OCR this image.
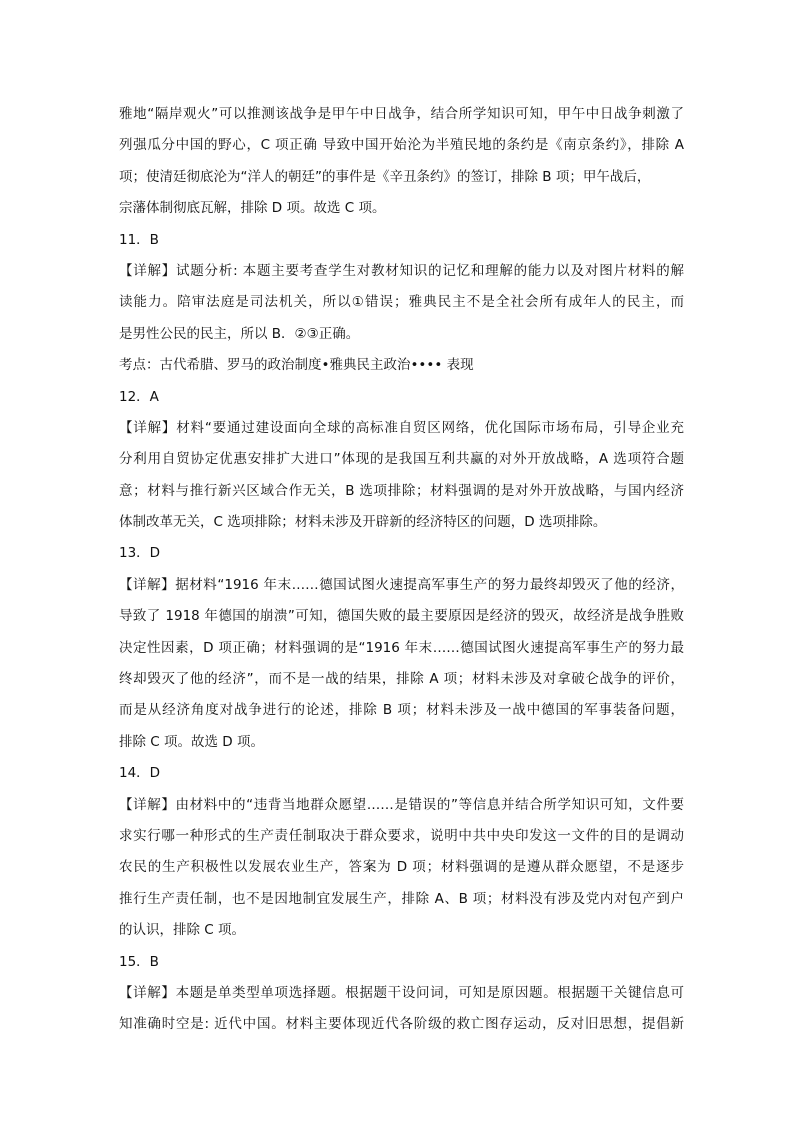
雅地“隔岸观火”可以推测该战争是甲午中日战争，结合所学知识可知，甲午中日战争刺激了
列强瓜分中国的野心，C 项正确 导致中国开始沦为半殖民地的条约是《南京条约》，排除 A
项；使清廷彻底沦为“洋人的朝廷”的事件是《辛丑条约》的签订，排除 B 项；甲午战后，
宗藩体制彻底瓦解，排除 D 项。故选 C 项。
11．B
【详解】试题分析: 本题主要考查学生对教材知识的记忆和理解的能力以及对图片材料的解
读能力。陪审法庭是司法机关，所以①错误；雅典民主不是全社会所有成年人的民主，而
是男性公民的民主，所以 B．②③正确。
考点：古代希腊、罗马的政治制度•雅典民主政治•••• 表现
12．A
【详解】材料“要通过建设面向全球的高标准自贸区网络，优化国际市场布局，引导企业充
分利用自贸协定优惠安排扩大进口”体现的是我国互利共赢的对外开放战略，A 选项符合题
意；材料与推行新兴区域合作无关，B 选项排除；材料强调的是对外开放战略，与国内经济
体制改革无关，C 选项排除；材料未涉及开辟新的经济特区的问题，D 选项排除。
13．D
【详解】据材料“1916 年末……德国试图火速提高军事生产的努力最终却毁灭了他的经济，
导致了 1918 年德国的崩溃”可知，德国失败的最主要原因是经济的毁灭，故经济是战争胜败
决定性因素，D 项正确；材料强调的是“1916 年末……德国试图火速提高军事生产的努力最
终却毁灭了他的经济”，而不是一战的结果，排除 A 项；材料未涉及对拿破仑战争的评价，
而是从经济角度对战争进行的论述，排除 B 项；材料未涉及一战中德国的军事装备问题，
排除 C 项。故选 D 项。
14．D
【详解】由材料中的“违背当地群众愿望……是错误的”等信息并结合所学知识可知，文件要
求实行哪一种形式的生产责任制取决于群众要求，说明中共中央印发这一文件的目的是调动
农民的生产积极性以发展农业生产，答案为 D 项；材料强调的是遵从群众愿望，不是逐步
推行生产责任制，也不是因地制宜发展生产，排除 A、B 项；材料没有涉及党内对包产到户
的认识，排除 C 项。
15．B
【详解】本题是单类型单项选择题。根据题干设问词，可知是原因题。根据题干关键信息可
知准确时空是: 近代中国。材料主要体现近代各阶级的救亡图存运动，反对旧思想，提倡新
